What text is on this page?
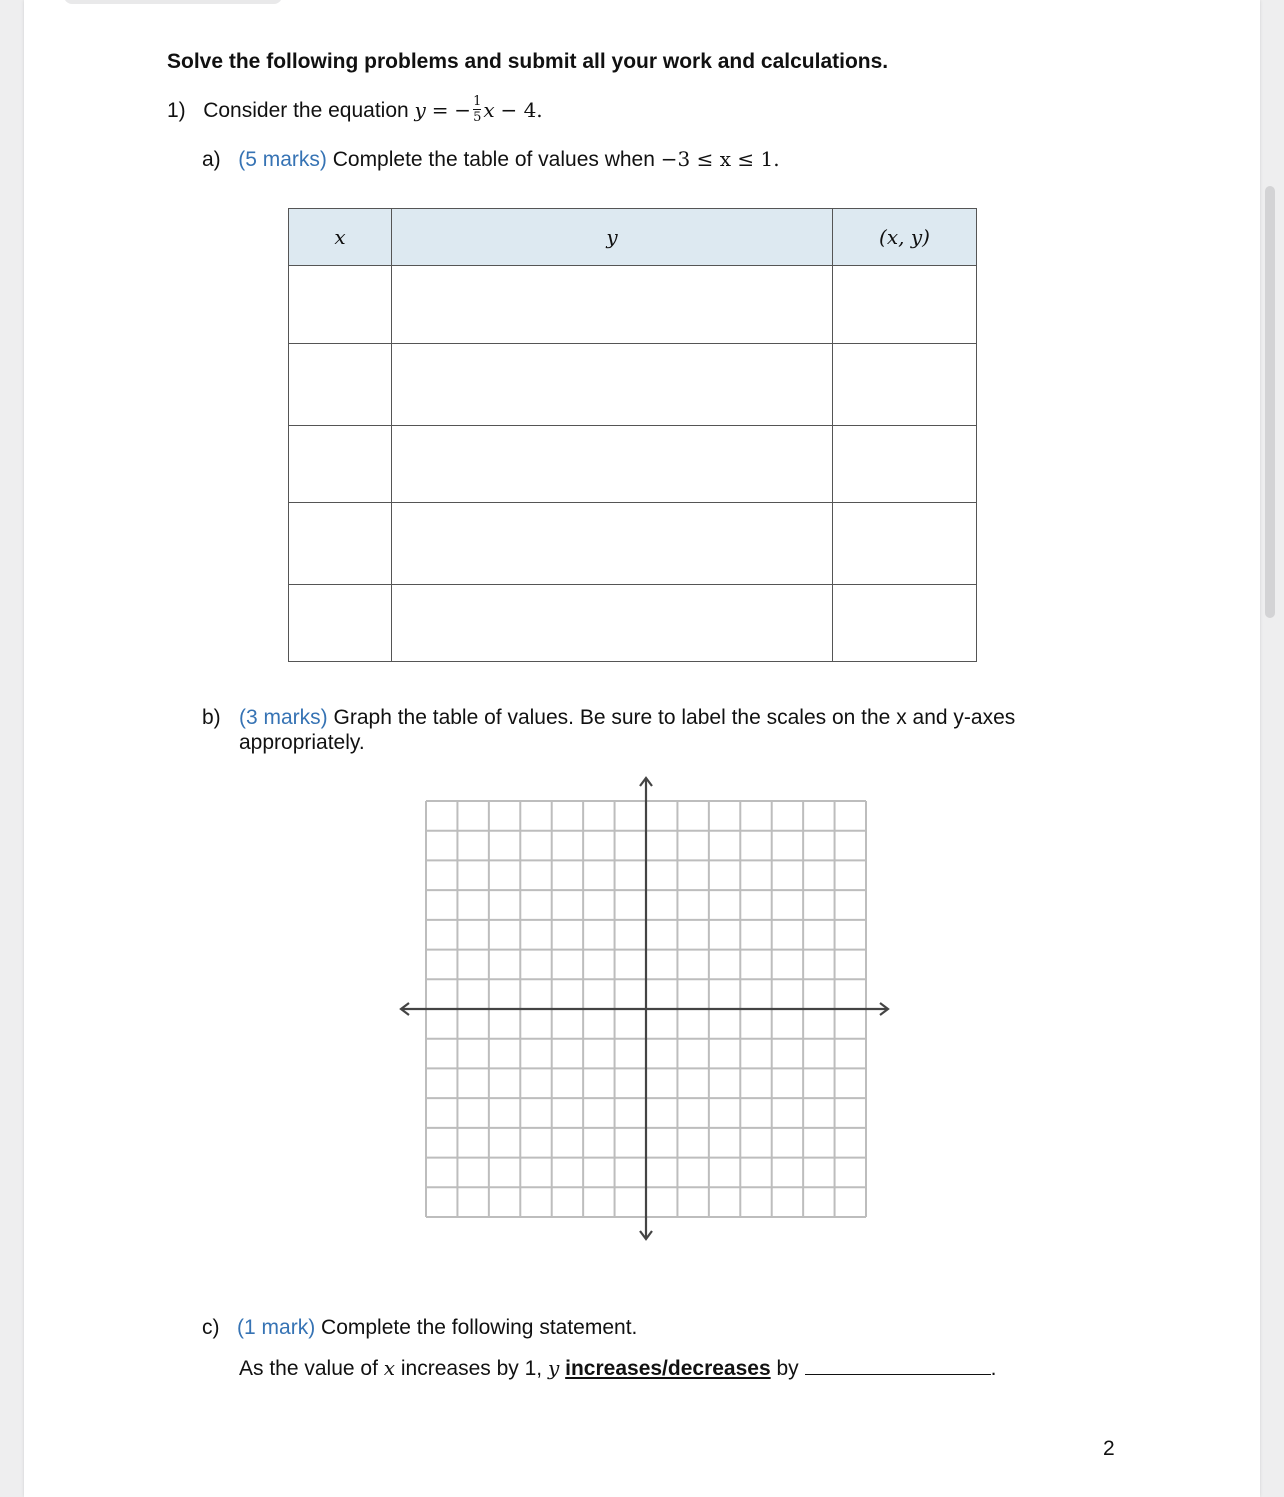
Solve the following problems and submit all your work and calculations.
1) Consider the equation y = − $\frac{1}{5}$ x − 4.
a) (5 marks) Complete the table of values when −3 ≤ x ≤ 1.
x	y	(x, y)

b) (3 marks) Graph the table of values. Be sure to label the scales on the x and y-axes appropriately.
c) (1 mark) Complete the following statement.
As the value of x increases by 1, y increases/decreases by	.
2
